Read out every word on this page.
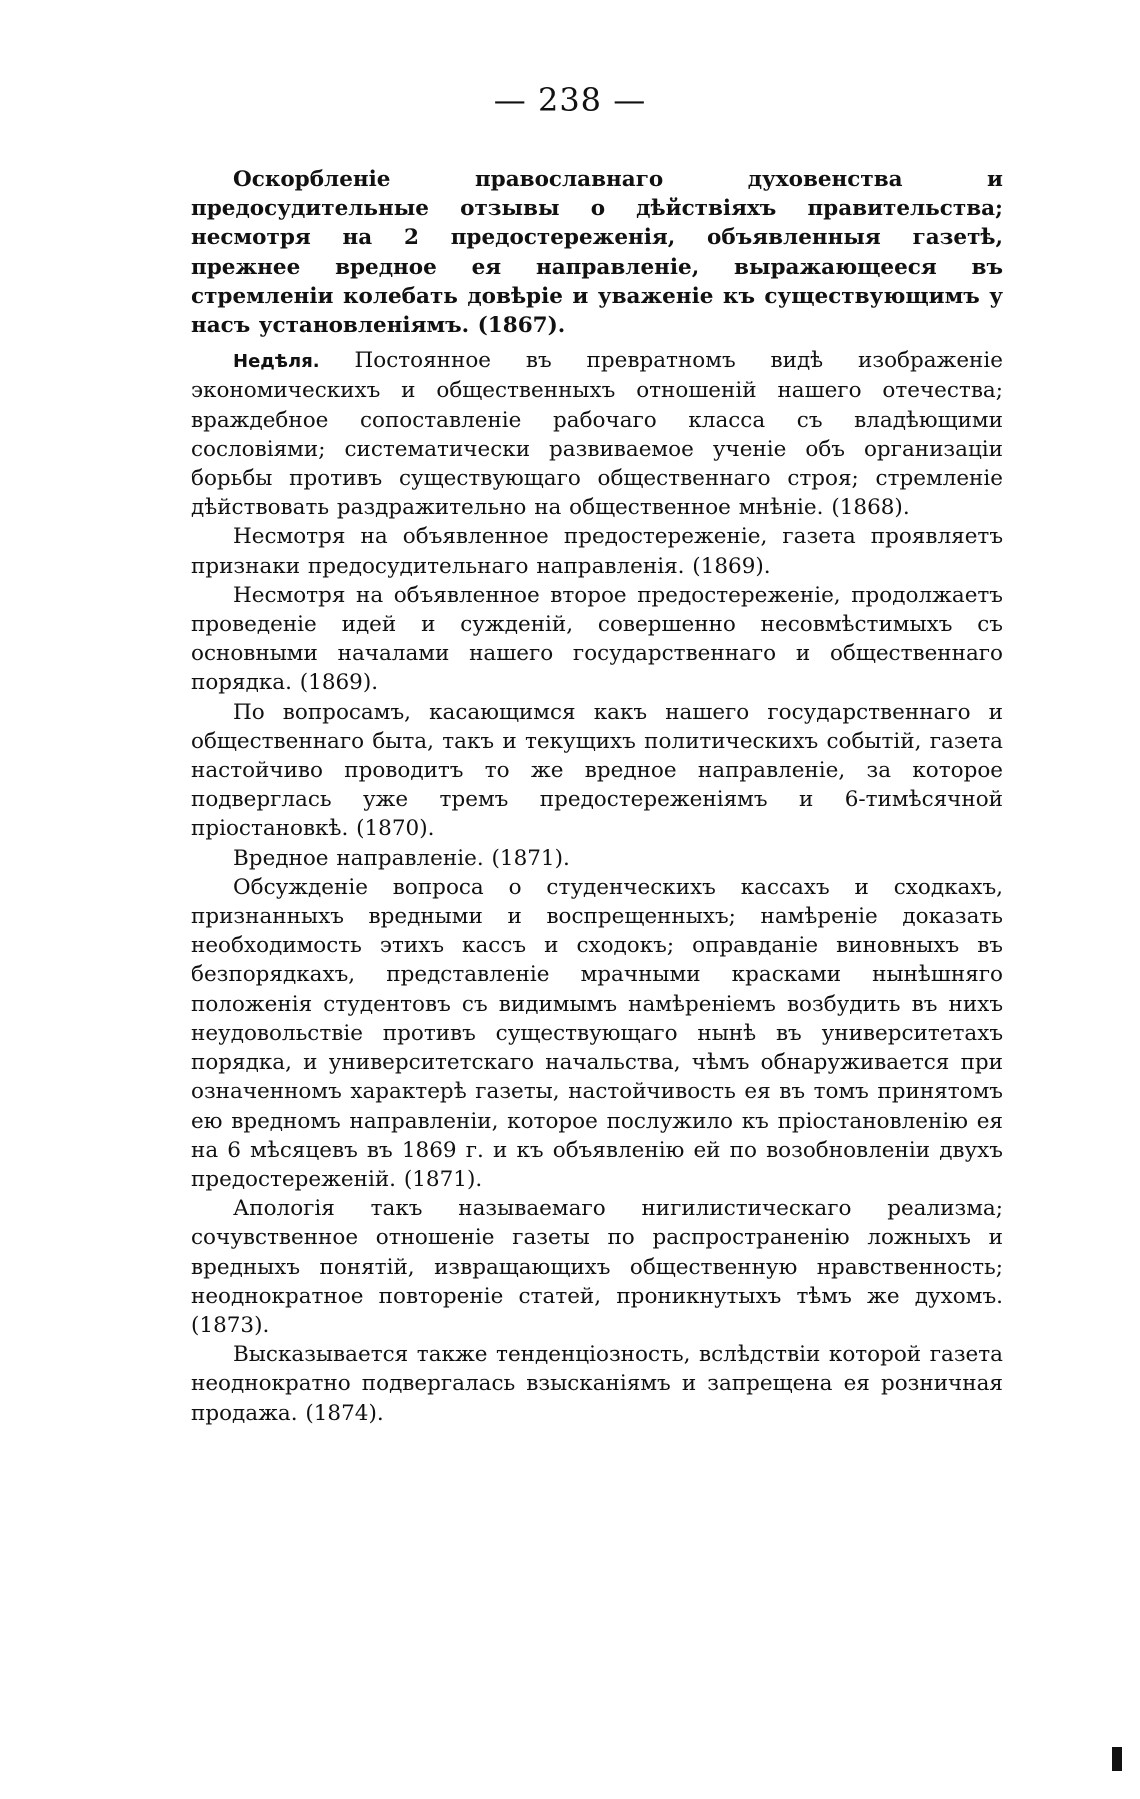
— 238 —

Оскорбленіе православнаго духовенства и предосудительные отзывы о дѣйствіяхъ правительства; несмотря на 2 предостереженія, объявленныя газетѣ, прежнее вредное ея направленіе, выражающееся въ стремленіи колебать довѣріе и уваженіе къ существующимъ у насъ установленіямъ. (1867).

Недѣля. Постоянное въ превратномъ видѣ изображеніе экономическихъ и общественныхъ отношеній нашего отечества; враждебное сопоставленіе рабочаго класса съ владѣющими сословіями; систематически развиваемое ученіе объ организаціи борьбы противъ существующаго общественнаго строя; стремленіе дѣйствовать раздражительно на общественное мнѣніе. (1868).

Несмотря на объявленное предостереженіе, газета проявляетъ признаки предосудительнаго направленія. (1869).

Несмотря на объявленное второе предостереженіе, продолжаетъ проведеніе идей и сужденій, совершенно несовмѣстимыхъ съ основными началами нашего государственнаго и общественнаго порядка. (1869).

По вопросамъ, касающимся какъ нашего государственнаго и общественнаго быта, такъ и текущихъ политическихъ событій, газета настойчиво проводитъ то же вредное направленіе, за которое подверглась уже тремъ предостереженіямъ и 6-тимѣсячной пріостановкѣ. (1870).

Вредное направленіе. (1871).

Обсужденіе вопроса о студенческихъ кассахъ и сходкахъ, признанныхъ вредными и воспрещенныхъ; намѣреніе доказать необходимость этихъ кассъ и сходокъ; оправданіе виновныхъ въ безпорядкахъ, представленіе мрачными красками нынѣшняго положенія студентовъ съ видимымъ намѣреніемъ возбудить въ нихъ неудовольствіе противъ существующаго нынѣ въ университетахъ порядка, и университетскаго начальства, чѣмъ обнаруживается при означенномъ характерѣ газеты, настойчивость ея въ томъ принятомъ ею вредномъ направленіи, которое послужило къ пріостановленію ея на 6 мѣсяцевъ въ 1869 г. и къ объявленію ей по возобновленіи двухъ предостереженій. (1871).

Апологія такъ называемаго нигилистическаго реализма; сочувственное отношеніе газеты по распространенію ложныхъ и вредныхъ понятій, извращающихъ общественную нравственность; неоднократное повтореніе статей, проникнутыхъ тѣмъ же духомъ. (1873).

Высказывается также тенденціозность, вслѣдствіи которой газета неоднократно подвергалась взысканіямъ и запрещена ея розничная продажа. (1874).
